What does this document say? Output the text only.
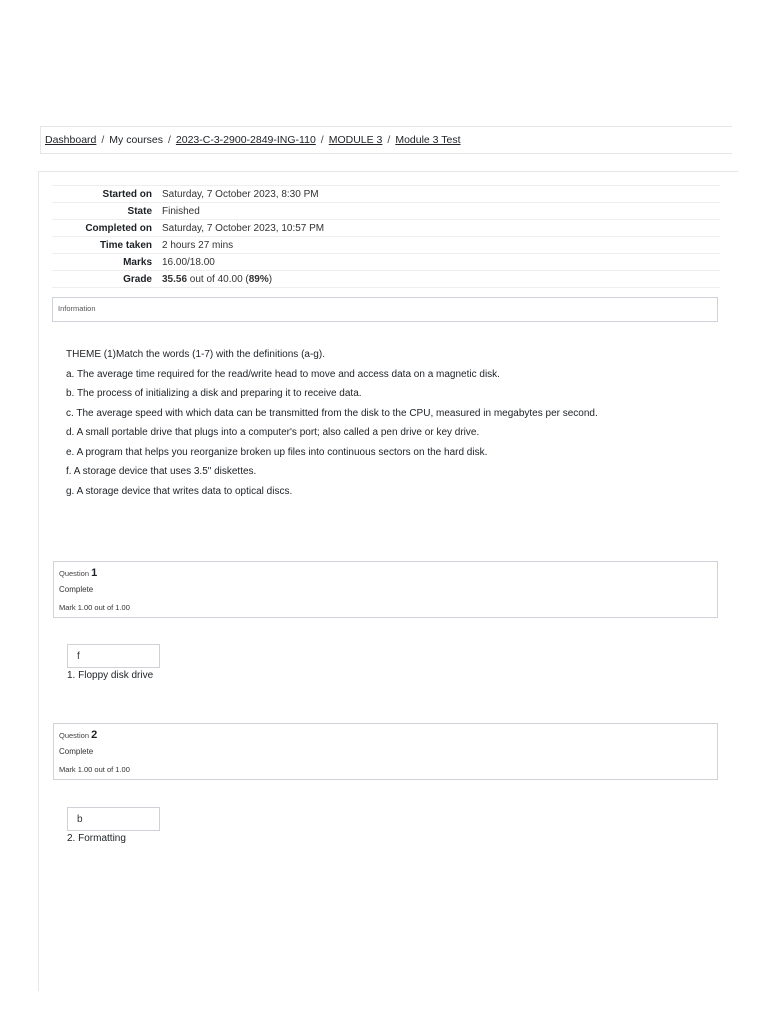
Dashboard / My courses / 2023-C-3-2900-2849-ING-110 / MODULE 3 / Module 3 Test
Started on	Saturday, 7 October 2023, 8:30 PM
State	Finished
Completed on	Saturday, 7 October 2023, 10:57 PM
Time taken	2 hours 27 mins
Marks	16.00/18.00
Grade	35.56 out of 40.00 (89%)
Information

THEME (1)Match the words (1-7) with the definitions (a-g).

a. The average time required for the read/write head to move and access data on a magnetic disk.

b. The process of initializing a disk and preparing it to receive data.

c. The average speed with which data can be transmitted from the disk to the CPU, measured in megabytes per second.

d. A small portable drive that plugs into a computer's port; also called a pen drive or key drive.

e. A program that helps you reorganize broken up files into continuous sectors on the hard disk.

f. A storage device that uses 3.5" diskettes.

g. A storage device that writes data to optical discs.

Question 1
Complete
Mark 1.00 out of 1.00
f
1. Floppy disk drive
Question 2
Complete
Mark 1.00 out of 1.00
b
2. Formatting
